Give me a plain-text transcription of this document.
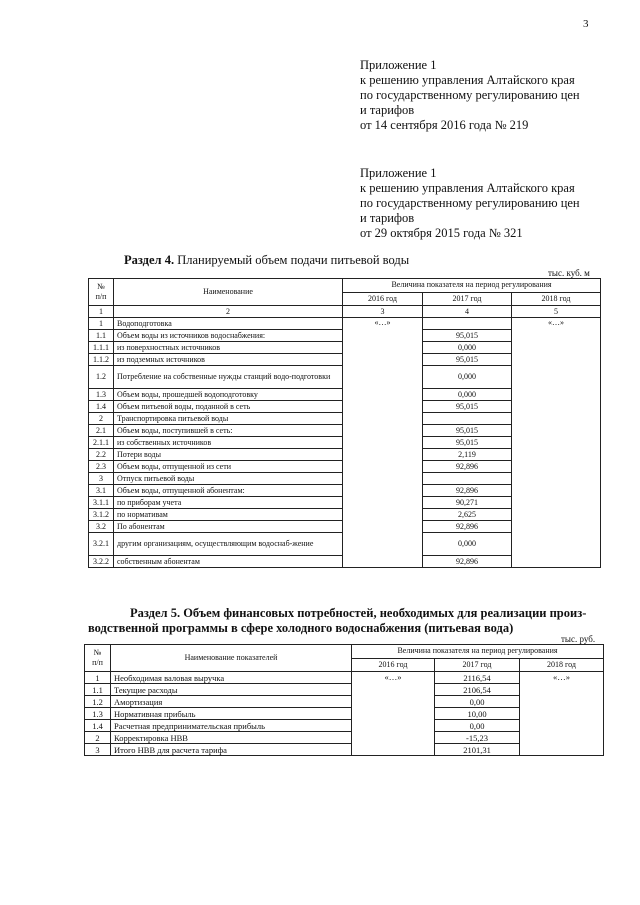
3
Приложение 1
к решению управления Алтайского края
по государственному регулированию цен
и тарифов
от 14 сентября 2016 года № 219
Приложение 1
к решению управления Алтайского края
по государственному регулированию цен
и тарифов
от 29 октября 2015 года № 321
Раздел 4. Планируемый объем подачи питьевой воды
тыс. куб. м
№
п/п	Наименование	Величина показателя на период регулирования		
		2016 год	2017 год	2018 год
1	2	3	4	5
1	Водоподготовка	«…»		«…»
1.1	Объем воды из источников водоснабжения:		95,015	
1.1.1	из поверхностных источников		0,000	
1.1.2	из подземных источников		95,015	
1.2	Потребление на собственные нужды станций водо-подготовки		0,000	
1.3	Объем воды, прошедшей водоподготовку		0,000	
1.4	Объем питьевой воды, поданной в сеть		95,015	
2	Транспортировка питьевой воды			
2.1	Объем воды, поступившей в сеть:		95,015	
2.1.1	из собственных источников		95,015	
2.2	Потери воды		2,119	
2.3	Объем воды, отпущенной из сети		92,896	
3	Отпуск питьевой воды			
3.1	Объем воды, отпущенной абонентам:		92,896	
3.1.1	по приборам учета		90,271	
3.1.2	по нормативам		2,625	
3.2	По абонентам		92,896	
3.2.1	другим организациям, осуществляющим водоснаб-жение		0,000	
3.2.2	собственным абонентам		92,896	
Раздел 5. Объем финансовых потребностей, необходимых для реализации произ-
водственной программы в сфере холодного водоснабжения (питьевая вода)
тыс. руб.
№
п/п	Наименование показателей	Величина показателя на период регулирования		
		2016 год	2017 год	2018 год
1	Необходимая валовая выручка	«…»	2116,54	«…»
1.1	Текущие расходы		2106,54	
1.2	Амортизация		0,00	
1.3	Нормативная прибыль		10,00	
1.4	Расчетная предпринимательская прибыль		0,00	
2	Корректировка НВВ		-15,23	
3	Итого НВВ для расчета тарифа		2101,31	
